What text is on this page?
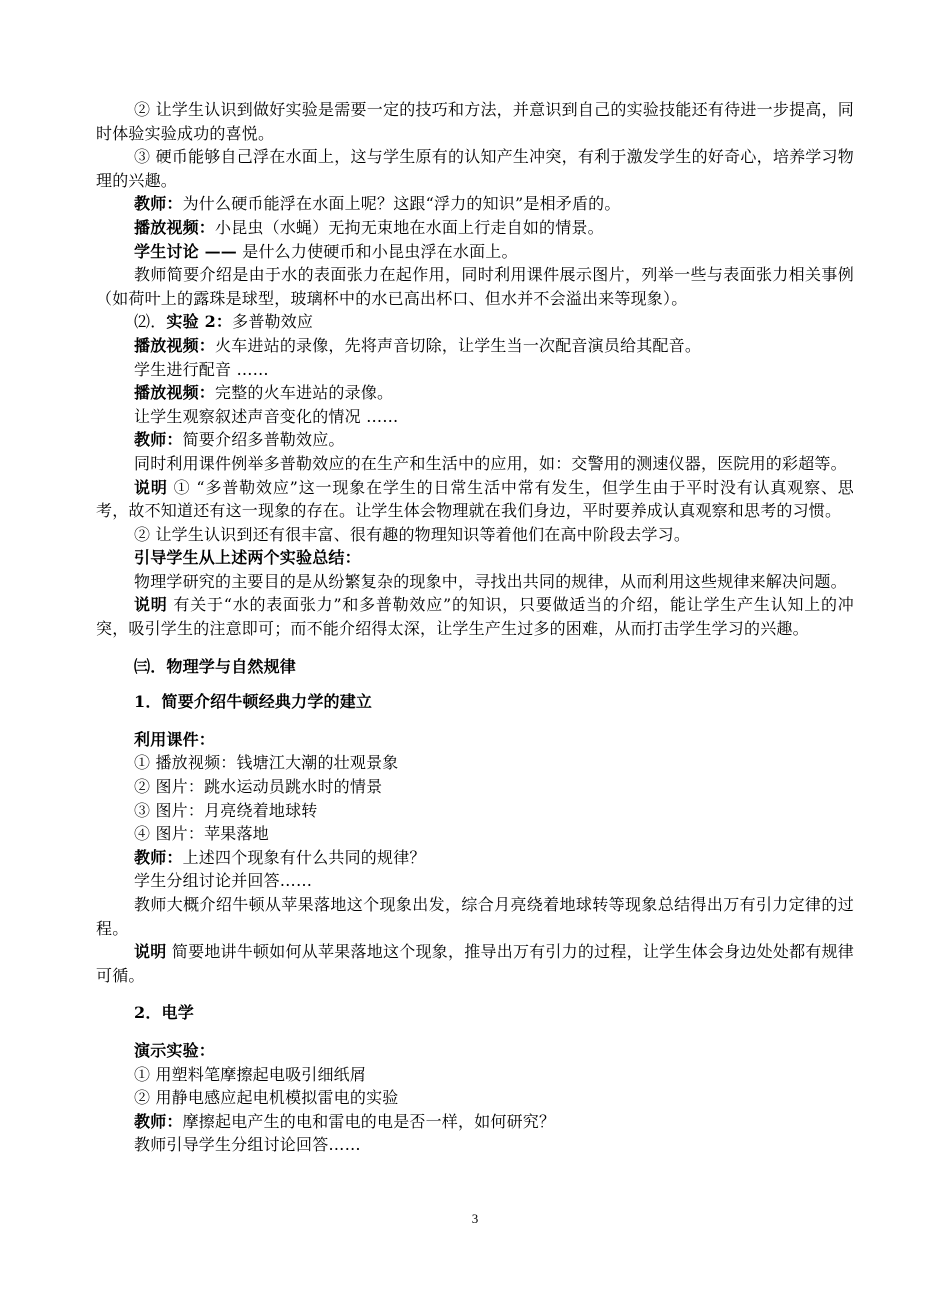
② 让学生认识到做好实验是需要一定的技巧和方法，并意识到自己的实验技能还有待进一步提高，同时体验实验成功的喜悦。

③ 硬币能够自己浮在水面上，这与学生原有的认知产生冲突，有利于激发学生的好奇心，培养学习物理的兴趣。

教师：为什么硬币能浮在水面上呢？这跟“浮力的知识”是相矛盾的。

播放视频：小昆虫（水蝇）无拘无束地在水面上行走自如的情景。

学生讨论 —— 是什么力使硬币和小昆虫浮在水面上。

教师简要介绍是由于水的表面张力在起作用，同时利用课件展示图片，列举一些与表面张力相关事例（如荷叶上的露珠是球型，玻璃杯中的水已高出杯口、但水并不会溢出来等现象）。

⑵．实验 2：多普勒效应

播放视频：火车进站的录像，先将声音切除，让学生当一次配音演员给其配音。

学生进行配音 ……

播放视频：完整的火车进站的录像。

让学生观察叙述声音变化的情况 ……

教师：简要介绍多普勒效应。

同时利用课件例举多普勒效应的在生产和生活中的应用，如：交警用的测速仪器，医院用的彩超等。

说明 ① “多普勒效应”这一现象在学生的日常生活中常有发生，但学生由于平时没有认真观察、思考，故不知道还有这一现象的存在。让学生体会物理就在我们身边，平时要养成认真观察和思考的习惯。

② 让学生认识到还有很丰富、很有趣的物理知识等着他们在高中阶段去学习。

引导学生从上述两个实验总结：

物理学研究的主要目的是从纷繁复杂的现象中，寻找出共同的规律，从而利用这些规律来解决问题。

说明 有关于“水的表面张力”和多普勒效应”的知识，只要做适当的介绍，能让学生产生认知上的冲突，吸引学生的注意即可；而不能介绍得太深，让学生产生过多的困难，从而打击学生学习的兴趣。

㈢．物理学与自然规律

1．简要介绍牛顿经典力学的建立

利用课件：

① 播放视频：钱塘江大潮的壮观景象

② 图片：跳水运动员跳水时的情景

③ 图片：月亮绕着地球转

④ 图片：苹果落地

教师：上述四个现象有什么共同的规律？

学生分组讨论并回答……

教师大概介绍牛顿从苹果落地这个现象出发，综合月亮绕着地球转等现象总结得出万有引力定律的过程。

说明 简要地讲牛顿如何从苹果落地这个现象，推导出万有引力的过程，让学生体会身边处处都有规律可循。

2．电学

演示实验：

① 用塑料笔摩擦起电吸引细纸屑

② 用静电感应起电机模拟雷电的实验

教师：摩擦起电产生的电和雷电的电是否一样，如何研究？

教师引导学生分组讨论回答……

3
